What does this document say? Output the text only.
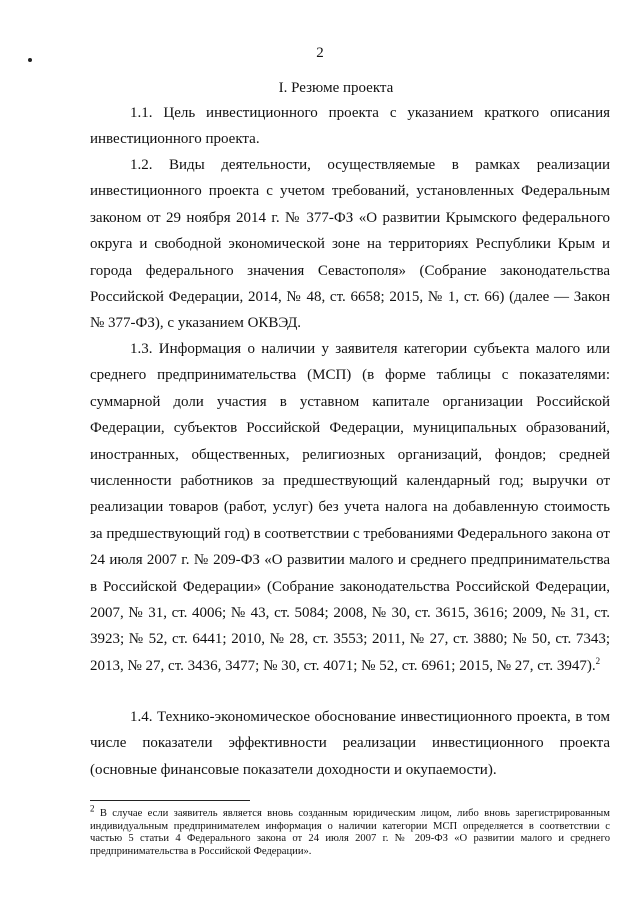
2
I. Резюме проекта

1.1. Цель инвестиционного проекта с указанием краткого описания инвестиционного проекта.

1.2. Виды деятельности, осуществляемые в рамках реализации инвестиционного проекта с учетом требований, установленных Федеральным законом от 29 ноября 2014 г. № 377-ФЗ «О развитии Крымского федерального округа и свободной экономической зоне на территориях Республики Крым и города федерального значения Севастополя» (Собрание законодательства Российской Федерации, 2014, № 48, ст. 6658; 2015, № 1, ст. 66) (далее — Закон № 377-ФЗ), с указанием ОКВЭД.

1.3. Информация о наличии у заявителя категории субъекта малого или среднего предпринимательства (МСП) (в форме таблицы с показателями: суммарной доли участия в уставном капитале организации Российской Федерации, субъектов Российской Федерации, муниципальных образований, иностранных, общественных, религиозных организаций, фондов; средней численности работников за предшествующий календарный год; выручки от реализации товаров (работ, услуг) без учета налога на добавленную стоимость за предшествующий год) в соответствии с требованиями Федерального закона от 24 июля 2007 г. № 209-ФЗ «О развитии малого и среднего предпринимательства в Российской Федерации» (Собрание законодательства Российской Федерации, 2007, № 31, ст. 4006; № 43, ст. 5084; 2008, № 30, ст. 3615, 3616; 2009, № 31, ст. 3923; № 52, ст. 6441; 2010, № 28, ст. 3553; 2011, № 27, ст. 3880; № 50, ст. 7343; 2013, № 27, ст. 3436, 3477; № 30, ст. 4071; № 52, ст. 6961; 2015, № 27, ст. 3947).$^2$

1.4. Технико-экономическое обоснование инвестиционного проекта, в том числе показатели эффективности реализации инвестиционного проекта (основные финансовые показатели доходности и окупаемости).

$^2$ В случае если заявитель является вновь созданным юридическим лицом, либо вновь зарегистрированным индивидуальным предпринимателем информация о наличии категории МСП определяется в соответствии с частью 5 статьи 4 Федерального закона от 24 июля 2007 г. № 209-ФЗ «О развитии малого и среднего предпринимательства в Российской Федерации».
